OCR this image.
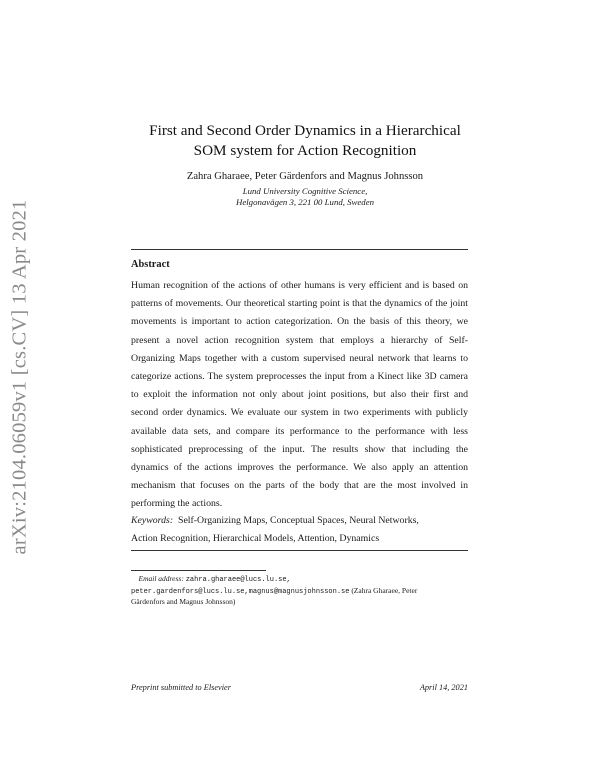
arXiv:2104.06059v1 [cs.CV] 13 Apr 2021
First and Second Order Dynamics in a Hierarchical
SOM system for Action Recognition
Zahra Gharaee, Peter Gärdenfors and Magnus Johnsson
Lund University Cognitive Science,
Helgonavägen 3, 221 00 Lund, Sweden
Abstract
Human recognition of the actions of other humans is very efficient and is based on patterns of movements. Our theoretical starting point is that the dynamics of the joint movements is important to action categorization. On the basis of this theory, we present a novel action recognition system that employs a hierarchy of Self-Organizing Maps together with a custom supervised neural network that learns to categorize actions. The system preprocesses the input from a Kinect like 3D camera to exploit the information not only about joint positions, but also their first and second order dynamics. We evaluate our system in two experiments with publicly available data sets, and compare its performance to the performance with less sophisticated preprocessing of the input. The results show that including the dynamics of the actions improves the performance. We also apply an attention mechanism that focuses on the parts of the body that are the most involved in performing the actions.
Keywords: Self-Organizing Maps, Conceptual Spaces, Neural Networks,
Action Recognition, Hierarchical Models, Attention, Dynamics
Email address: zahra.gharaee@lucs.lu.se,
peter.gardenfors@lucs.lu.se,magnus@magnusjohnsson.se (Zahra Gharaee, Peter
Gärdenfors and Magnus Johnsson)
Preprint submitted to Elsevier	April 14, 2021
